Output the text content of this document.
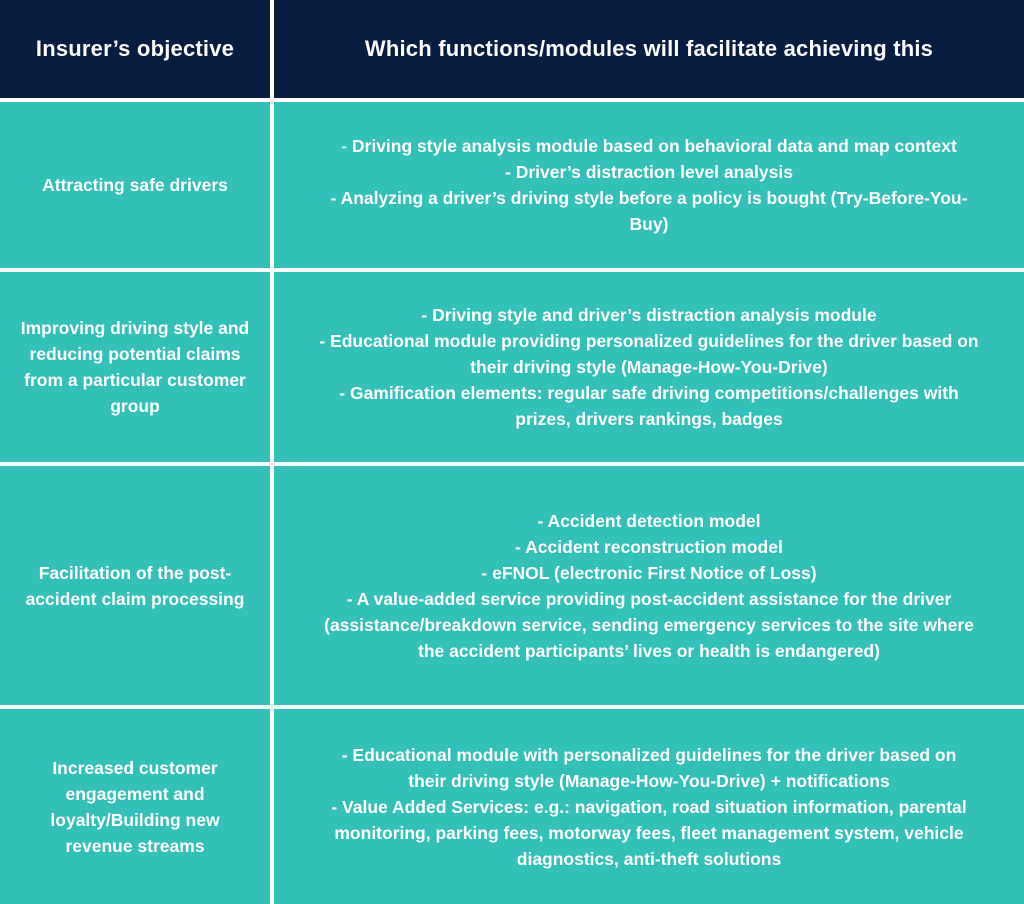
Insurer’s objective	Which functions/modules will facilitate achieving this
Attracting safe drivers
- Driving style analysis module based on behavioral data and map context
- Driver’s distraction level analysis
- Analyzing a driver’s driving style before a policy is bought (Try-Before-You-
Buy)
Improving driving style and
reducing potential claims
from a particular customer
group
- Driving style and driver’s distraction analysis module
- Educational module providing personalized guidelines for the driver based on
their driving style (Manage-How-You-Drive)
- Gamification elements: regular safe driving competitions/challenges with
prizes, drivers rankings, badges
Facilitation of the post-
accident claim processing
- Accident detection model
- Accident reconstruction model
- eFNOL (electronic First Notice of Loss)
- A value-added service providing post-accident assistance for the driver
(assistance/breakdown service, sending emergency services to the site where
the accident participants’ lives or health is endangered)
Increased customer
engagement and
loyalty/Building new
revenue streams
- Educational module with personalized guidelines for the driver based on
their driving style (Manage-How-You-Drive) + notifications
- Value Added Services: e.g.: navigation, road situation information, parental
monitoring, parking fees, motorway fees, fleet management system, vehicle
diagnostics, anti-theft solutions
